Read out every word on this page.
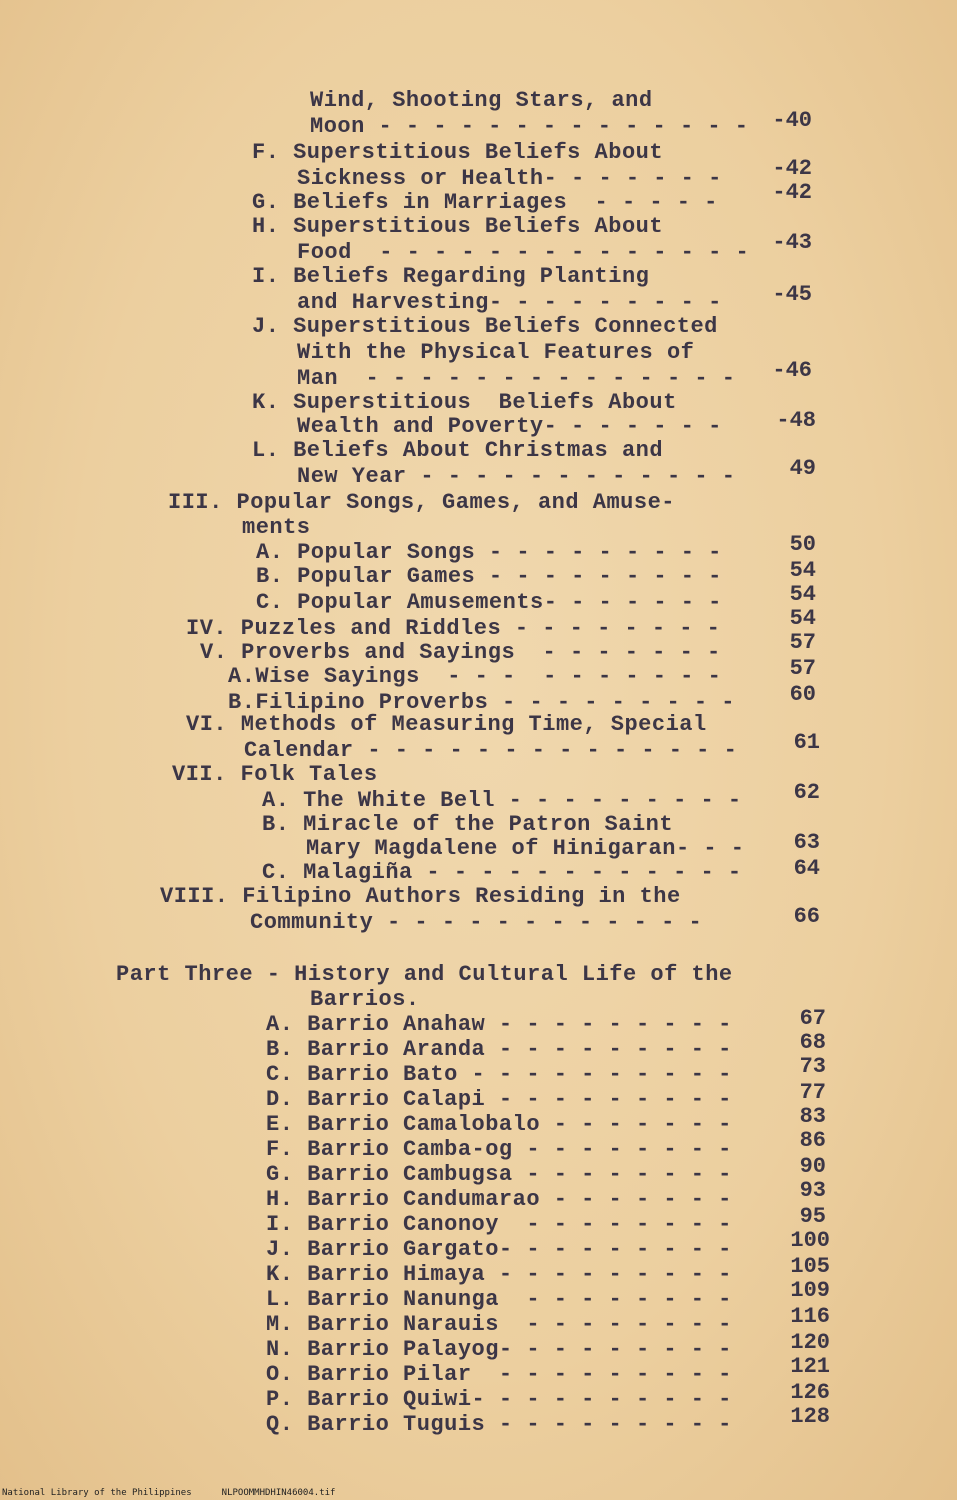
Wind, Shooting Stars, and
Moon - - - - - - - - - - - - - -	-40
F. Superstitious Beliefs About
Sickness or Health- - - - - - -	-42
G. Beliefs in Marriages  - - - - -	-42
H. Superstitious Beliefs About
Food  - - - - - - - - - - - - - -	-43
I. Beliefs Regarding Planting
and Harvesting- - - - - - - - -	-45
J. Superstitious Beliefs Connected
With the Physical Features of
Man  - - - - - - - - - - - - - -	-46
K. Superstitious  Beliefs About
Wealth and Poverty- - - - - - -	-48
L. Beliefs About Christmas and
New Year - - - - - - - - - - - -	49
III. Popular Songs, Games, and Amuse-
ments
A. Popular Songs - - - - - - - - -	50
B. Popular Games - - - - - - - - -	54
C. Popular Amusements- - - - - - -	54
IV. Puzzles and Riddles - - - - - - - -	54
V. Proverbs and Sayings  - - - - - - -	57
A.Wise Sayings  - - -  - - - - - - -	57
B.Filipino Proverbs - - - - - - - - -	60
VI. Methods of Measuring Time, Special
Calendar - - - - - - - - - - - - - -	61
VII. Folk Tales
A. The White Bell - - - - - - - - -	62
B. Miracle of the Patron Saint
Mary Magdalene of Hinigaran- - -	63
C. Malagiña - - - - - - - - - - - -	64
VIII. Filipino Authors Residing in the
Community - - - - - - - - - - - -	66
Part Three - History and Cultural Life of the
Barrios.
A. Barrio Anahaw - - - - - - - - -	67
B. Barrio Aranda - - - - - - - - -	68
C. Barrio Bato - - - - - - - - - -	73
D. Barrio Calapi - - - - - - - - -	77
E. Barrio Camalobalo - - - - - - -	83
F. Barrio Camba-og - - - - - - - -	86
G. Barrio Cambugsa - - - - - - - -	90
H. Barrio Candumarao - - - - - - -	93
I. Barrio Canonoy  - - - - - - - -	95
J. Barrio Gargato- - - - - - - - -	100
K. Barrio Himaya - - - - - - - - -	105
L. Barrio Nanunga  - - - - - - - -	109
M. Barrio Narauis  - - - - - - - -	116
N. Barrio Palayog- - - - - - - - -	120
O. Barrio Pilar  - - - - - - - - -	121
P. Barrio Quiwi- - - - - - - - - -	126
Q. Barrio Tuguis - - - - - - - - -	128
National Library of the Philippines	NLPOOMMHDHIN46004.tif
